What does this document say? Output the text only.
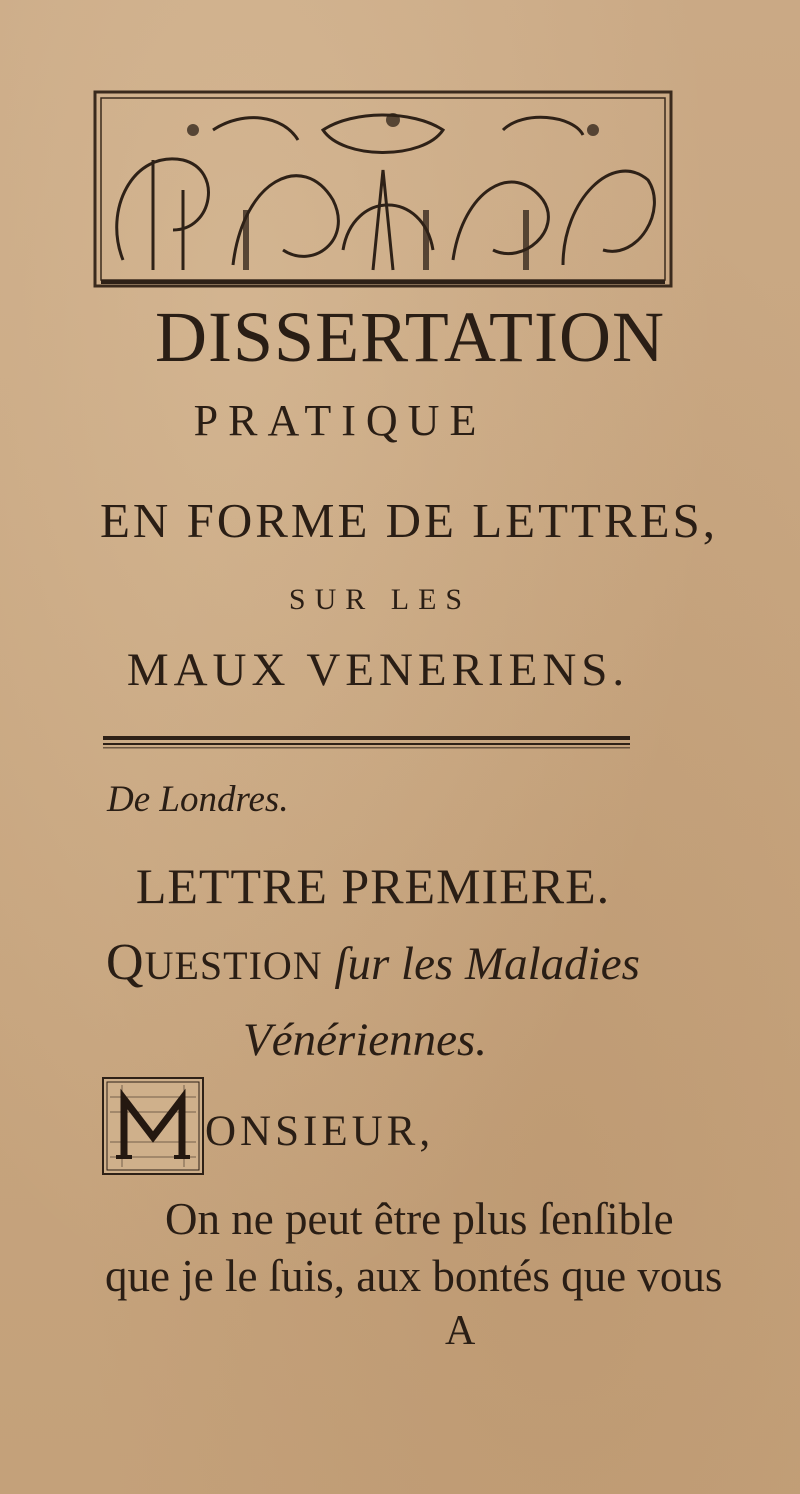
DISSERTATION
PRATIQUE
EN FORME DE LETTRES,
SUR LES
MAUX VENERIENS.
De Londres.
LETTRE PREMIERE.
QUESTION ſur les Maladies
Vénériennes.
ONSIEUR,
On ne peut être plus ſenſible
que je le ſuis, aux bontés que vous
A
